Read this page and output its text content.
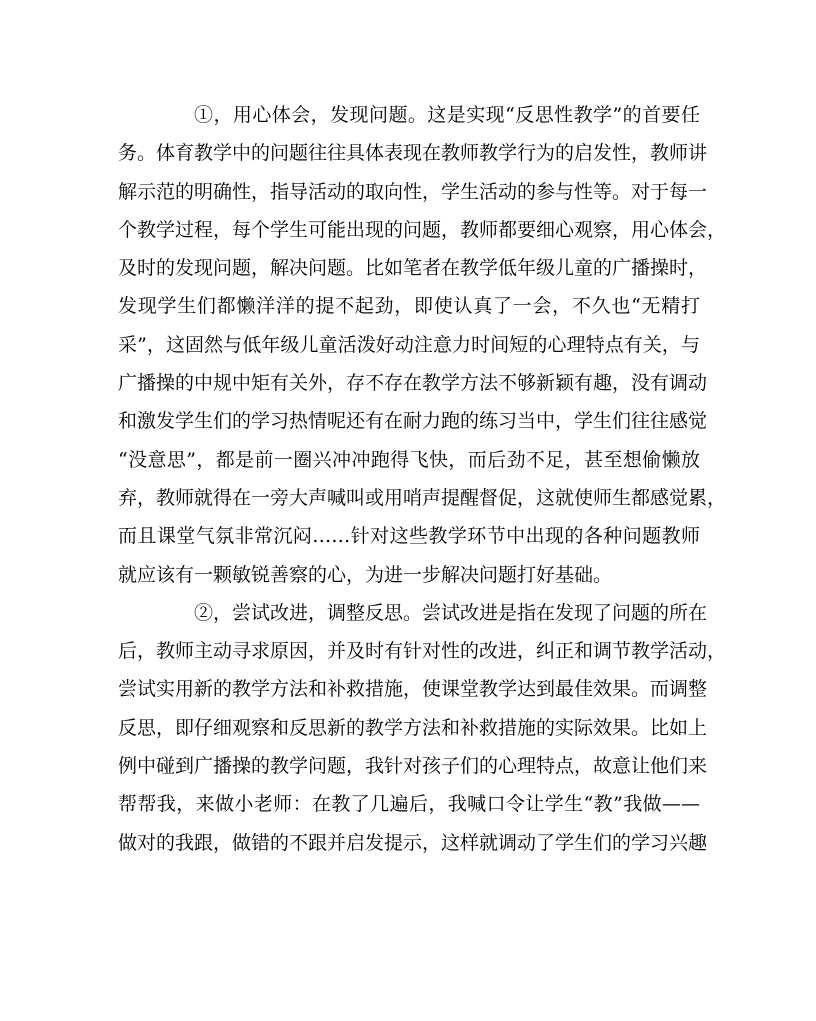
①，用心体会，发现问题。这是实现“反思性教学”的首要任
务。体育教学中的问题往往具体表现在教师教学行为的启发性，教师讲
解示范的明确性，指导活动的取向性，学生活动的参与性等。对于每一
个教学过程，每个学生可能出现的问题，教师都要细心观察，用心体会，
及时的发现问题，解决问题。比如笔者在教学低年级儿童的广播操时，
发现学生们都懒洋洋的提不起劲，即使认真了一会，不久也“无精打
采”，这固然与低年级儿童活泼好动注意力时间短的心理特点有关，与
广播操的中规中矩有关外，存不存在教学方法不够新颖有趣，没有调动
和激发学生们的学习热情呢还有在耐力跑的练习当中，学生们往往感觉
“没意思”，都是前一圈兴冲冲跑得飞快，而后劲不足，甚至想偷懒放
弃，教师就得在一旁大声喊叫或用哨声提醒督促，这就使师生都感觉累，
而且课堂气氛非常沉闷……针对这些教学环节中出现的各种问题教师
就应该有一颗敏锐善察的心，为进一步解决问题打好基础。
②，尝试改进，调整反思。尝试改进是指在发现了问题的所在
后，教师主动寻求原因，并及时有针对性的改进，纠正和调节教学活动，
尝试实用新的教学方法和补救措施，使课堂教学达到最佳效果。而调整
反思，即仔细观察和反思新的教学方法和补救措施的实际效果。比如上
例中碰到广播操的教学问题，我针对孩子们的心理特点，故意让他们来
帮帮我，来做小老师：在教了几遍后，我喊口令让学生“教”我做——
做对的我跟，做错的不跟并启发提示，这样就调动了学生们的学习兴趣
